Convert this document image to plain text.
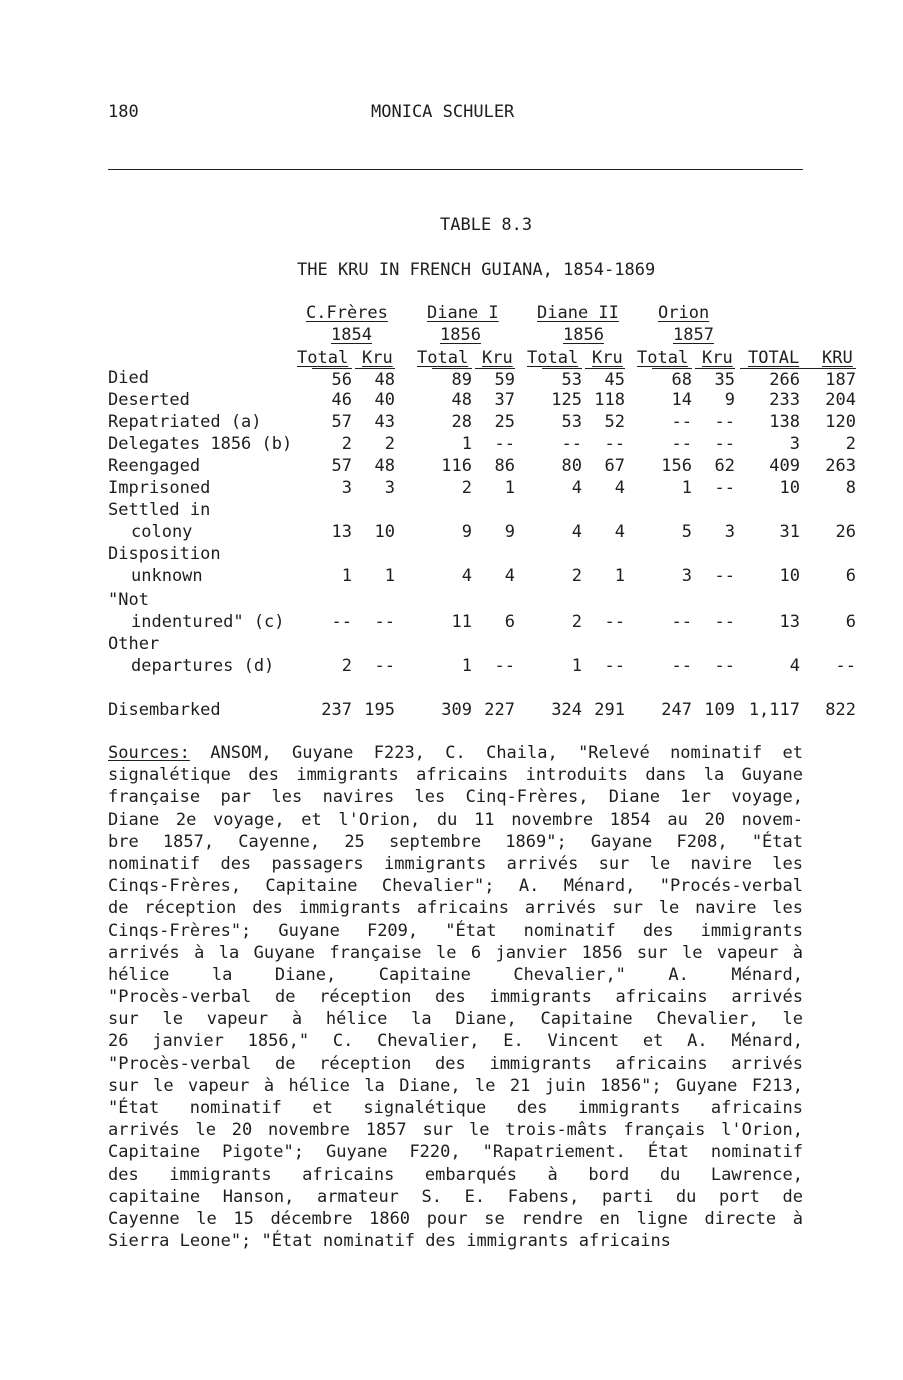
180	MONICA SCHULER
TABLE 8.3
THE KRU IN FRENCH GUIANA, 1854-1869
C.Frères Diane I Diane II Orion
1854	1856	1856	1857
Total Kru Total Kru Total Kru Total Kru TOTAL KRU
Died	56	48	89	59	53	45	68	35	266	187
Deserted	46	40	48	37	125 118	14	9	233	204
Repatriated (a)	57	43	28	25	53	52	--	--	138	120
Delegates 1856 (b)	2	2	1	--	--	--	--	--	3	2
Reengaged	57	48	116	86	80	67	156	62	409	263
Imprisoned	3	3	2	1	4	4	1	--	10	8
Settled in
colony	13	10	9	9	4	4	5	3	31	26
Disposition
unknown	1	1	4	4	2	1	3	--	10	6
"Not
indentured" (c)	--	--	11	6	2	--	--	--	13	6
Other
departures (d)	2	--	1	--	1	--	--	--	4	--
Disembarked	237 195	309 227	324 291	247 109 1,117	822
Sources: ANSOM, Guyane F223, C. Chaila, "Relevé nominatif et
signalétique des immigrants africains introduits dans la Guyane
française par les navires les Cinq-Frères, Diane 1er voyage,
Diane 2e voyage, et l'Orion, du 11 novembre 1854 au 20 novem-
bre 1857, Cayenne, 25 septembre 1869"; Gayane F208, "État
nominatif des passagers immigrants arrivés sur le navire les
Cinqs-Frères, Capitaine Chevalier"; A. Ménard, "Procés-verbal
de réception des immigrants africains arrivés sur le navire les
Cinqs-Frères"; Guyane F209, "État nominatif des immigrants
arrivés à la Guyane française le 6 janvier 1856 sur le vapeur à
hélice la Diane, Capitaine Chevalier," A. Ménard,
"Procès-verbal de réception des immigrants africains arrivés
sur le vapeur à hélice la Diane, Capitaine Chevalier, le
26 janvier 1856," C. Chevalier, E. Vincent et A. Ménard,
"Procès-verbal de réception des immigrants africains arrivés
sur le vapeur à hélice la Diane, le 21 juin 1856"; Guyane F213,
"État nominatif et signalétique des immigrants africains
arrivés le 20 novembre 1857 sur le trois-mâts français l'Orion,
Capitaine Pigote"; Guyane F220, "Rapatriement. État nominatif
des immigrants africains embarqués à bord du Lawrence,
capitaine Hanson, armateur S. E. Fabens, parti du port de
Cayenne le 15 décembre 1860 pour se rendre en ligne directe à
Sierra Leone"; "État nominatif des immigrants africains
